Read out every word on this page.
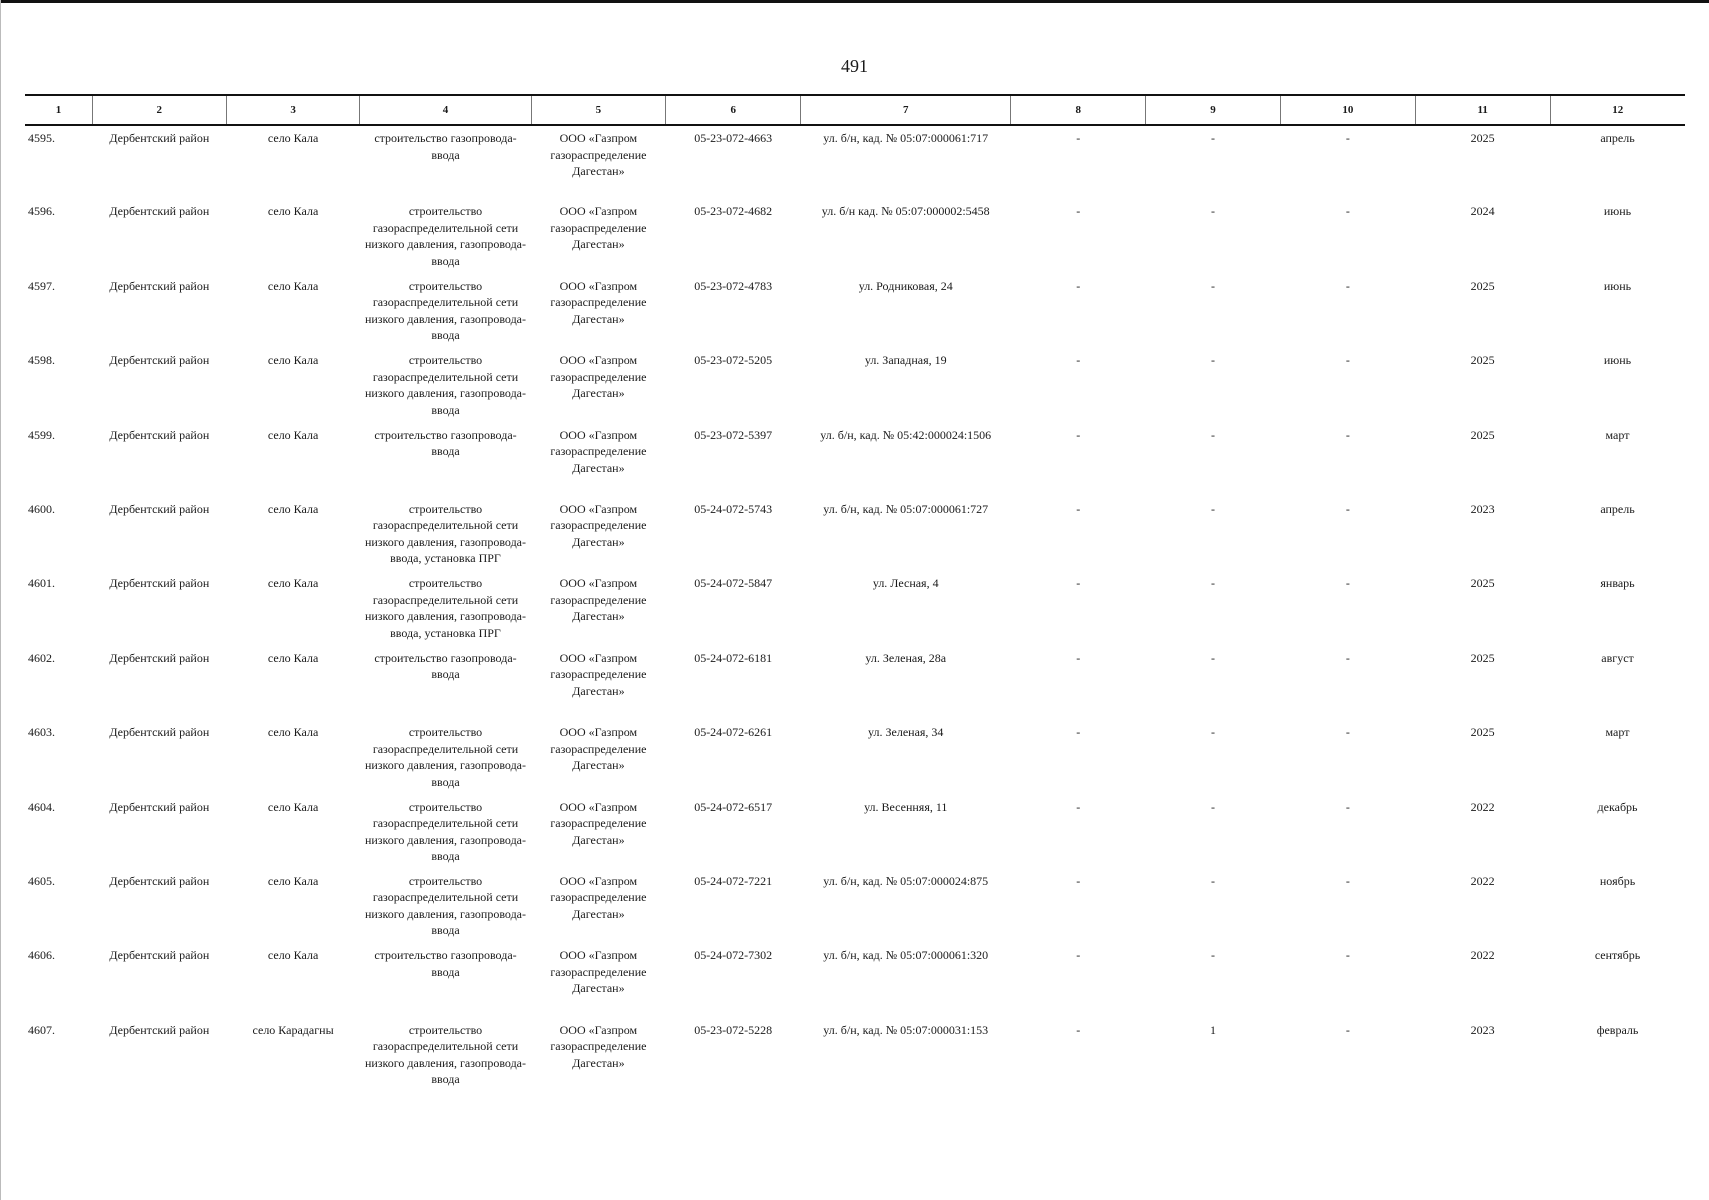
491
1	2	3	4	5	6	7	8	9	10	11	12
4595.	Дербентский район	село Кала	строительство газопровода-ввода	ООО «Газпром газораспределение Дагестан»	05-23-072-4663	ул. б/н, кад. № 05:07:000061:717	-	-	-	2025	апрель
4596.	Дербентский район	село Кала	строительство газораспределительной сети низкого давления, газопровода-ввода	ООО «Газпром газораспределение Дагестан»	05-23-072-4682	ул. б/н кад. № 05:07:000002:5458	-	-	-	2024	июнь
4597.	Дербентский район	село Кала	строительство газораспределительной сети низкого давления, газопровода-ввода	ООО «Газпром газораспределение Дагестан»	05-23-072-4783	ул. Родниковая, 24	-	-	-	2025	июнь
4598.	Дербентский район	село Кала	строительство газораспределительной сети низкого давления, газопровода-ввода	ООО «Газпром газораспределение Дагестан»	05-23-072-5205	ул. Западная, 19	-	-	-	2025	июнь
4599.	Дербентский район	село Кала	строительство газопровода-ввода	ООО «Газпром газораспределение Дагестан»	05-23-072-5397	ул. б/н, кад. № 05:42:000024:1506	-	-	-	2025	март
4600.	Дербентский район	село Кала	строительство газораспределительной сети низкого давления, газопровода-ввода, установка ПРГ	ООО «Газпром газораспределение Дагестан»	05-24-072-5743	ул. б/н, кад. № 05:07:000061:727	-	-	-	2023	апрель
4601.	Дербентский район	село Кала	строительство газораспределительной сети низкого давления, газопровода-ввода, установка ПРГ	ООО «Газпром газораспределение Дагестан»	05-24-072-5847	ул. Лесная, 4	-	-	-	2025	январь
4602.	Дербентский район	село Кала	строительство газопровода-ввода	ООО «Газпром газораспределение Дагестан»	05-24-072-6181	ул. Зеленая, 28а	-	-	-	2025	август
4603.	Дербентский район	село Кала	строительство газораспределительной сети низкого давления, газопровода-ввода	ООО «Газпром газораспределение Дагестан»	05-24-072-6261	ул. Зеленая, 34	-	-	-	2025	март
4604.	Дербентский район	село Кала	строительство газораспределительной сети низкого давления, газопровода-ввода	ООО «Газпром газораспределение Дагестан»	05-24-072-6517	ул. Весенняя, 11	-	-	-	2022	декабрь
4605.	Дербентский район	село Кала	строительство газораспределительной сети низкого давления, газопровода-ввода	ООО «Газпром газораспределение Дагестан»	05-24-072-7221	ул. б/н, кад. № 05:07:000024:875	-	-	-	2022	ноябрь
4606.	Дербентский район	село Кала	строительство газопровода-ввода	ООО «Газпром газораспределение Дагестан»	05-24-072-7302	ул. б/н, кад. № 05:07:000061:320	-	-	-	2022	сентябрь
4607.	Дербентский район	село Карадагны	строительство газораспределительной сети низкого давления, газопровода-ввода	ООО «Газпром газораспределение Дагестан»	05-23-072-5228	ул. б/н, кад. № 05:07:000031:153	-	1	-	2023	февраль
